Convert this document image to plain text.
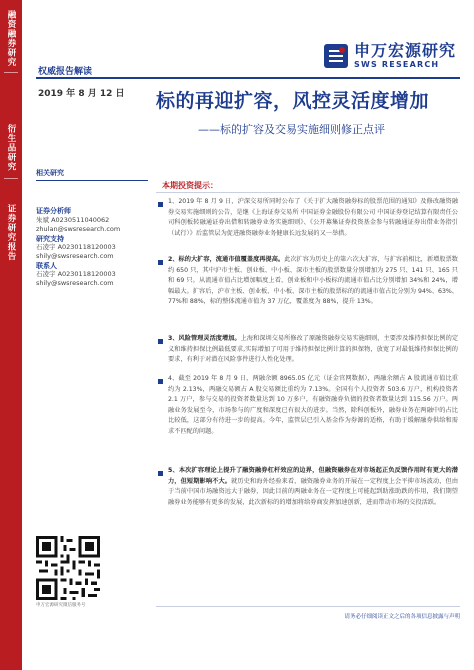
融资融券研究
衍生品研究
证券研究报告
申万宏源研究
SWS RESEARCH
权威报告解读
2019 年 8 月 12 日 标的再迎扩容，风控灵活度增加
——标的扩容及交易实施细则修正点评
相关研究
证券分析师
朱斌 A0230511040062
zhulan@swsresearch.com
研究支持
石凌宇 A0230118120003
shily@swsresearch.com
联系人
石凌宇 A0230118120003
shily@swsresearch.com
本期投资提示：
1、2019 年 8 月 9 日，沪深交易所同时公布了《关于扩大融资融券标的股票范围的通知》及修改融资融券交易实施细则的公告，是继《上海证券交易所 中国证券金融股份有限公司 中国证券登记结算有限责任公司科创板转融通证券出借和转融券业务实施细则》、《公开募集证券投资基金参与转融通证券出借业务指引（试行）》后监管层为促进融资融券业务健康长远发展的又一举措。
2、标的大扩容，流通市值覆盖度再提高。此次扩容为历史上的第六次大扩容，与扩容前相比，新增股票数约 650 只，其中沪市主板、创业板、中小板、深市主板的股票数量分别增加为 275 只、141 只、165 只和 69 只。从流通市值占比增加幅度上看，创业板和中小板标的流通市值占比分别增加 34%和 24%，增幅最大。扩容后，沪市主板、创业板、中小板、深市主板的股票标的的流通市值占比分别为 94%、63%、77%和 88%，标的整体流通市值为 37 万亿，覆盖度为 88%，提升 13%。
3、风险管理灵活度增加。上海和深圳交易所修改了原融资融券交易实施细则，主要涉及维持担保比例的定义和维持担保比例最低要求,实际增加了可用于维持担保比例计算的担保物，放宽了对最低维持担保比例的要求，有利于对潜在风险事件进行人性化处理。
4、截至 2019 年 8 月 9 日，两融余额 8965.05 亿元（证金官网数据），两融余额占 A 股流通市值比重约为 2.13%，两融交易额占 A 股交易额比重约为 7.13%。全国有个人投资者 503.6 万户，机构投资者 2.1 万户，参与交易的投资者数量达到 10 万多户，有融资融券负债的投资者数量达到 115.56 万户。两融业务发展至今，市场参与的广度和深度已有很大的进步。当然，除科创板外，融券业务在两融中的占比比较低，这部分有待进一步的提高。今年，监管层已引入基金作为券源的适格，有助于缓解融券供给和需求不匹配的问题。
5、本次扩容理论上提升了融资融券杠杆效应的边界，但融资融券在对市场起正负反馈作用时有更大的潜力，但短期影响不大。就历史和海外经验来看，融资融券业务的开展在一定程度上会平抑市场波动，但由于当前中国市场融资远大于融券，因此目前的两融业务在一定程度上可能起到助涨助跌的作用，我们期望融券业务能够有更多的发展，此次新标的的增加将给券商发挥加速创新，进而带动市场的交投活跃。
申万宏源研究微信服务号
请务必仔细阅读正文之后的各项信息披露与声明
